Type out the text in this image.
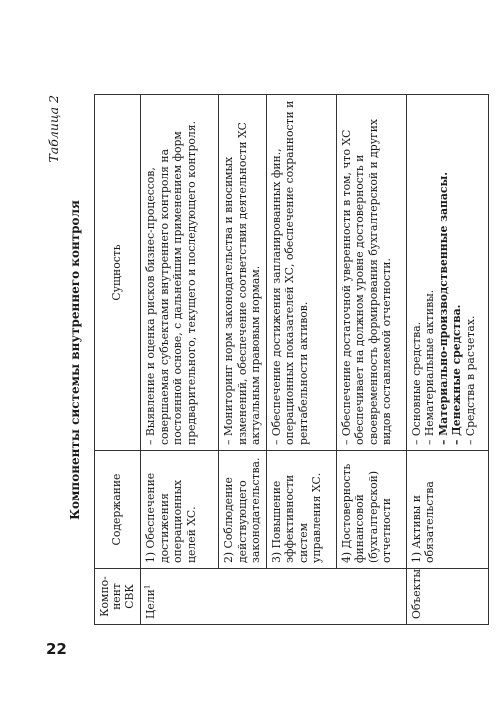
22
Таблица 2
Компоненты системы внутреннего контроля
Компо-нент СВК	Содержание	Сущность
Цели$^1$	1) Обеспечение достижения операционных целей ХС.	– Выявление и оценка рисков бизнес-процессов, совершаемая субъектами внутреннего контроля на постоянной основе, с дальнейшим применением форм предварительного, текущего и последующего контроля.
	2) Соблюдение действующего законодательства.	– Мониторинг норм законодательства и вносимых изменений, обеспечение соответствия деятельности ХС актуальным правовым нормам.
	3) Повышение эффективности систем управления ХС.	– Обеспечение достижения запланированных фин., операционных показателей ХС, обеспечение сохранности и рентабельности активов.
	4) Достоверность финансовой (бухгалтерской) отчетности	– Обеспечение достаточной уверенности в том, что ХС обеспечивает на должном уровне достоверность и своевременность формирования бухгалтерской и других видов составляемой отчетности.
Объекты	1) Активы и обязательства	– Основные средства. – Нематериальные активы. – Материально-производственные запасы. – Денежные средства. – Средства в расчетах.
